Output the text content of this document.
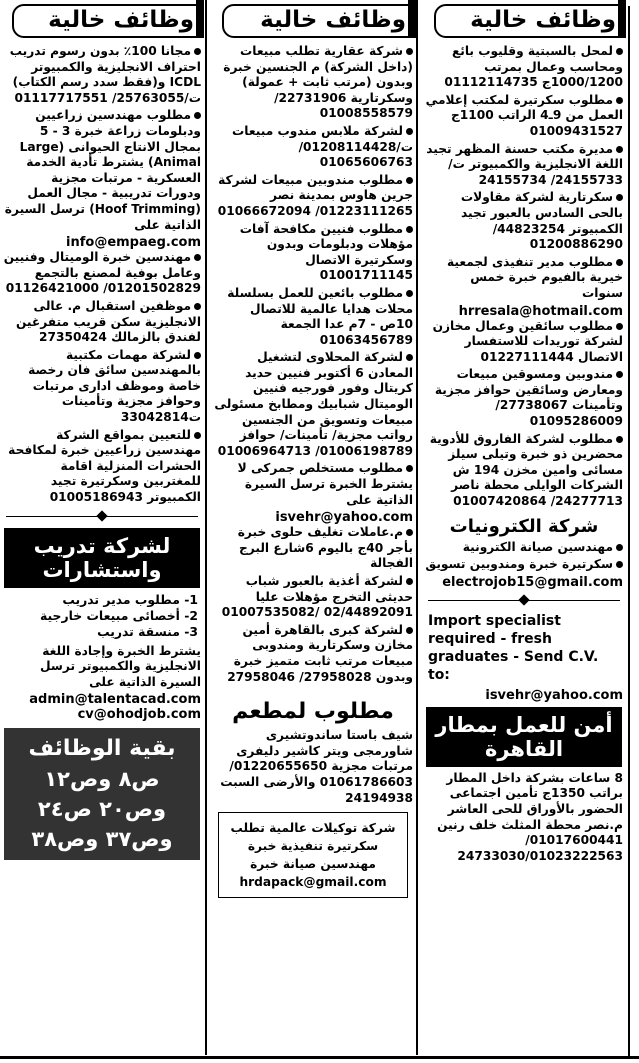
وظائف خالية
لمحل بالسبتية وقليوب بائع ومحاسب وعمال بمرتب 1000/1200ج 01112114735
مطلوب سكرتيرة لمكتب إعلامي العمل من 9ـ4 الراتب 1100ج 01009431527
مديرة مكتب حسنة المظهر تجيد اللغة الانجليزية والكمبيوتر ت/ 24155733/ 24155734
سكرتارية لشركة مقاولات بالحى السادس بالعبور تجيد الكمبيوتر 44823254/ 01200886290
مطلوب مدير تنفيذى لجمعية خيرية بالفيوم خبرة خمس سنوات
hrresala@hotmail.com
مطلوب سائقين وعمال مخازن لشركة توريدات للاستفسار الاتصال 01227111444
مندوبين ومسوقين مبيعات ومعارض وسائقين حوافز مجزية وتأمينات 27738067/ 01095286009
مطلوب لشركة الفاروق للأدوية محضرين ذو خبرة وتيلى سيلز مسائى وامين مخزن 194 ش الشركات الوايلى محطة ناصر 24277713/ 01007420864
شركة الكترونيات
مهندسين صيانة الكترونية
سكرتيرة خبرة ومندوبين تسويق
electrojob15@gmail.com
Import specialist required - fresh graduates - Send C.V. to:
isvehr@yahoo.com
أمن للعمل بمطار القاهرة
8 ساعات بشركة داخل المطار براتب 1350ج تأمين اجتماعى الحضور بالأوراق للحى العاشر م.نصر محطة المثلث خلف رنين 01017600441/ 24733030/01023222563
وظائف خالية
شركة عقارية تطلب مبيعات (داخل الشركة) م الجنسين خبرة وبدون (مرتب ثابت + عمولة) وسكرتارية 22731906/ 01008558579
لشركة ملابس مندوب مبيعات ت/01208114428/ 01065606763
مطلوب مندوبين مبيعات لشركة جرين هاوس بمدينة نصر 01223111265/ 01066672094
مطلوب فنيين مكافحة آفات مؤهلات ودبلومات وبدون وسكرتيرة الاتصال 01001711145
مطلوب بائعين للعمل بسلسلة محلات هدايا عالمية للاتصال 10ص - 7م عدا الجمعة 01063456789
لشركة المحلاوى لتشغيل المعادن 6 أكتوبر فنيين حديد كريتال وفور فورجيه فنيين الوميتال شبابيك ومطابخ مسئولى مبيعات وتسويق من الجنسين رواتب مجزية/ تأمينات/ حوافز 01006198789/ 01006964713
مطلوب مستخلص جمركى لا يشترط الخبرة ترسل السيرة الذاتية على
isvehr@yahoo.com
م.عاملات تغليف حلوى خبرة بأجر 40ج باليوم 6شارع البرج الفجالة
لشركة أغذية بالعبور شباب حديثى التخرج مؤهلات عليا 02/44892091 /01007535082
لشركة كبرى بالقاهرة أمين مخازن وسكرتارية ومندوبى مبيعات مرتب ثابت متميز خبرة وبدون 27958028/ 27958046
مطلوب لمطعم
شيف باستا ساندوتشيرى شاورمجى ويتر كاشير دليفرى مرتبات مجزية 01220655650/ 01061786603 والأرضى السبت 24194938
شركة توكيلات عالمية تطلب سكرتيرة تنفيذية خبرة مهندسين صيانة خبرة
hrdapack@gmail.com
وظائف خالية
مجانا 100٪ بدون رسوم تدريب احتراف الانجليزية والكمبيوتر ICDL و(فقط سدد رسم الكتاب) ت/25763055/ 01117717551
مطلوب مهندسين زراعيين ودبلومات زراعة خبرة 3 - 5 بمجال الانتاج الحيوانى (Large Animal) يشترط تأدية الخدمة العسكرية - مرتبات مجزية ودورات تدريبية - مجال العمل (Hoof Trimming) ترسل السيرة الذاتية على
info@empaeg.com
مهندسين خبرة الوميتال وفنيين وعامل بوفية لمصنع بالتجمع 01201502829/ 01126421000
موظفين استقبال م. عالى الانجليزية سكن قريب متفرغين لفندق بالزمالك 27350424
لشركة مهمات مكتبية بالمهندسين سائق فان رخصة خاصة وموظف ادارى مرتبات وحوافز مجزية وتأمينات ت33042814
للتعيين بمواقع الشركة مهندسين زراعيين خبرة لمكافحة الحشرات المنزلية اقامة للمغتربين وسكرتيرة تجيد الكمبيوتر 01005186943
لشركة تدريب واستشارات
1- مطلوب مدير تدريب
2- أخصائى مبيعات خارجية
3- منسقة تدريب
يشترط الخبرة وإجادة اللغة الانجليزية والكمبيوتر ترسل السيرة الذاتية على
admin@talentacad.com
cv@ohodjob.com
بقية الوظائف
ص٨ وص١٢ وص٢٠ ص٢٤ وص٣٧ وص٣٨
